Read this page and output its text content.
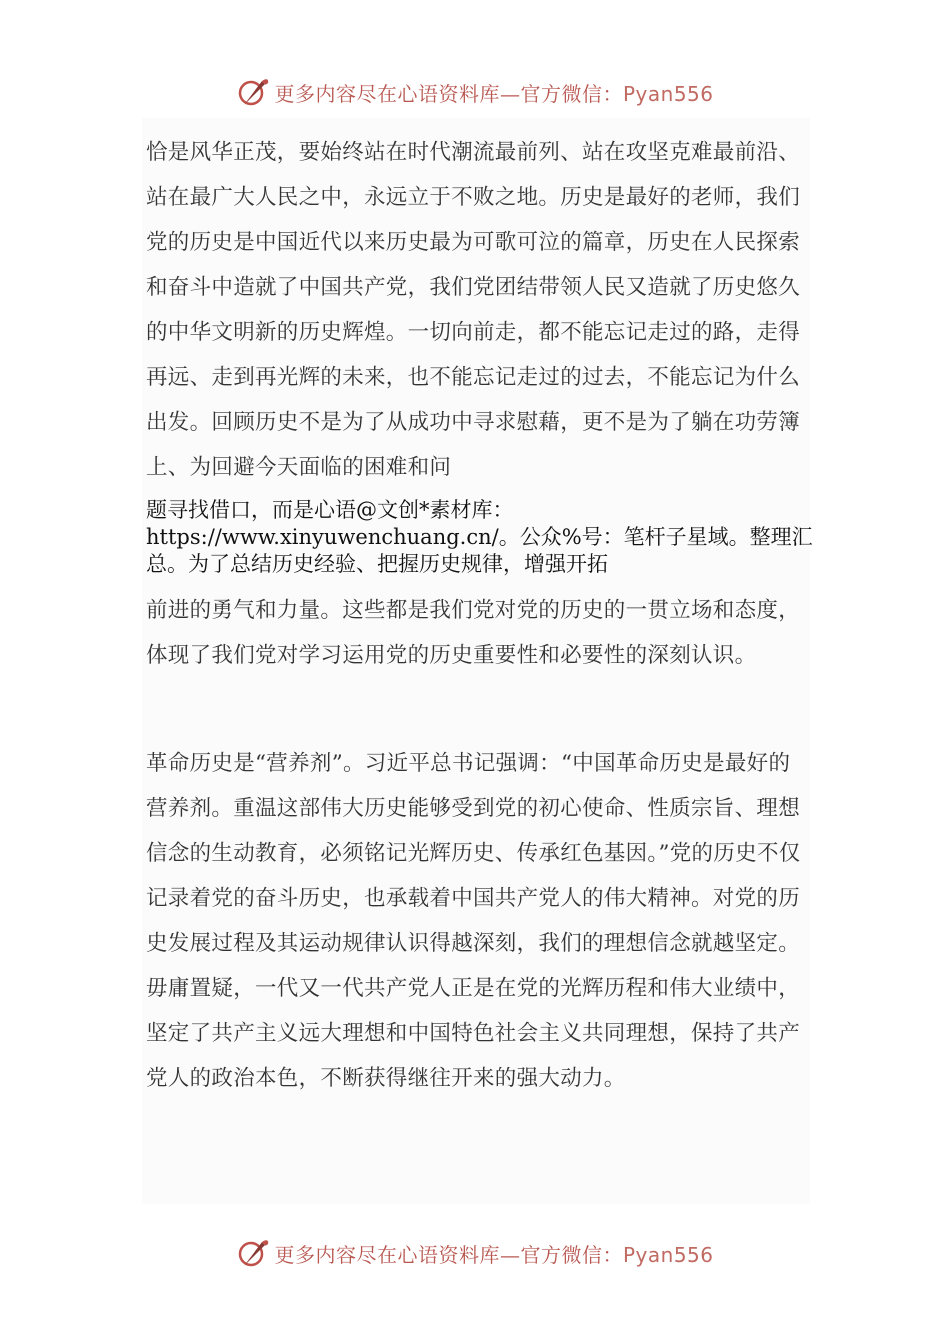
更多内容尽在心语资料库—官方微信：Pyan556

恰是风华正茂，要始终站在时代潮流最前列、站在攻坚克难最前沿、站在最广大人民之中，永远立于不败之地。历史是最好的老师，我们党的历史是中国近代以来历史最为可歌可泣的篇章，历史在人民探索和奋斗中造就了中国共产党，我们党团结带领人民又造就了历史悠久的中华文明新的历史辉煌。一切向前走，都不能忘记走过的路，走得再远、走到再光辉的未来，也不能忘记走过的过去，不能忘记为什么出发。回顾历史不是为了从成功中寻求慰藉，更不是为了躺在功劳簿上、为回避今天面临的困难和问

题寻找借口，而是心语@文创*素材库：https://www.xinyuwenchuang.cn/。公众%号：笔杆子星域。整理汇总。为了总结历史经验、把握历史规律，增强开拓

前进的勇气和力量。这些都是我们党对党的历史的一贯立场和态度，体现了我们党对学习运用党的历史重要性和必要性的深刻认识。

革命历史是“营养剂”。习近平总书记强调：“中国革命历史是最好的营养剂。重温这部伟大历史能够受到党的初心使命、性质宗旨、理想信念的生动教育，必须铭记光辉历史、传承红色基因。”党的历史不仅记录着党的奋斗历史，也承载着中国共产党人的伟大精神。对党的历史发展过程及其运动规律认识得越深刻，我们的理想信念就越坚定。毋庸置疑，一代又一代共产党人正是在党的光辉历程和伟大业绩中，坚定了共产主义远大理想和中国特色社会主义共同理想，保持了共产党人的政治本色，不断获得继往开来的强大动力。

更多内容尽在心语资料库—官方微信：Pyan556
